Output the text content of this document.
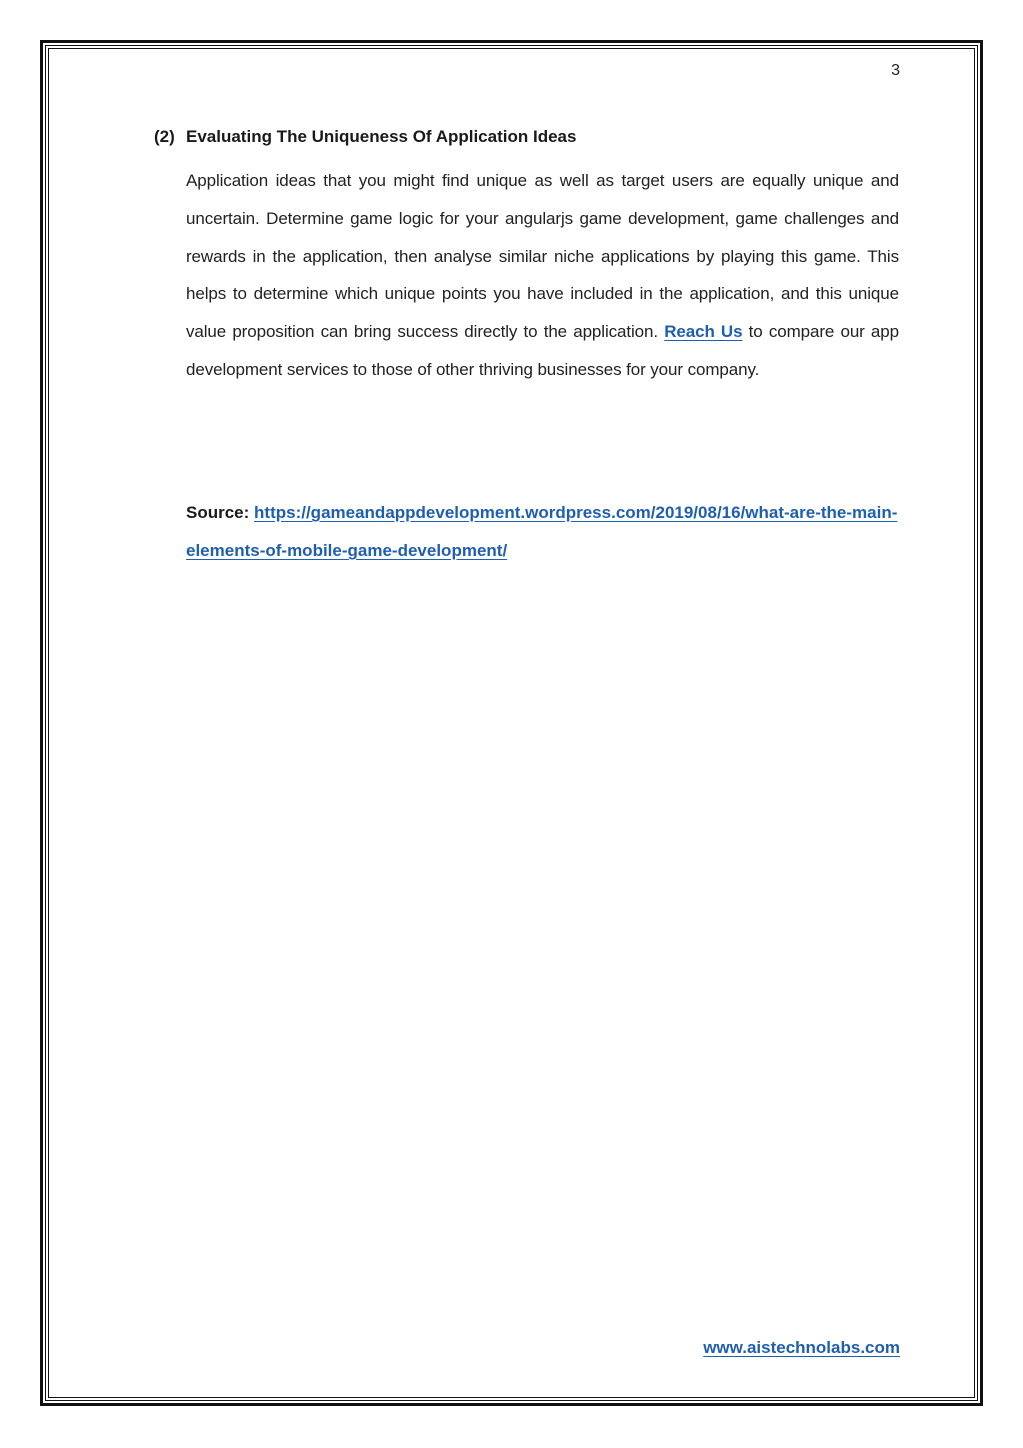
3
(2) Evaluating The Uniqueness Of Application Ideas
Application ideas that you might find unique as well as target users are equally unique and uncertain. Determine game logic for your angularjs game development, game challenges and rewards in the application, then analyse similar niche applications by playing this game. This helps to determine which unique points you have included in the application, and this unique value proposition can bring success directly to the application. Reach Us to compare our app development services to those of other thriving businesses for your company.
Source: https://gameandappdevelopment.wordpress.com/2019/08/16/what-are-the-main-elements-of-mobile-game-development/
www.aistechnolabs.com
